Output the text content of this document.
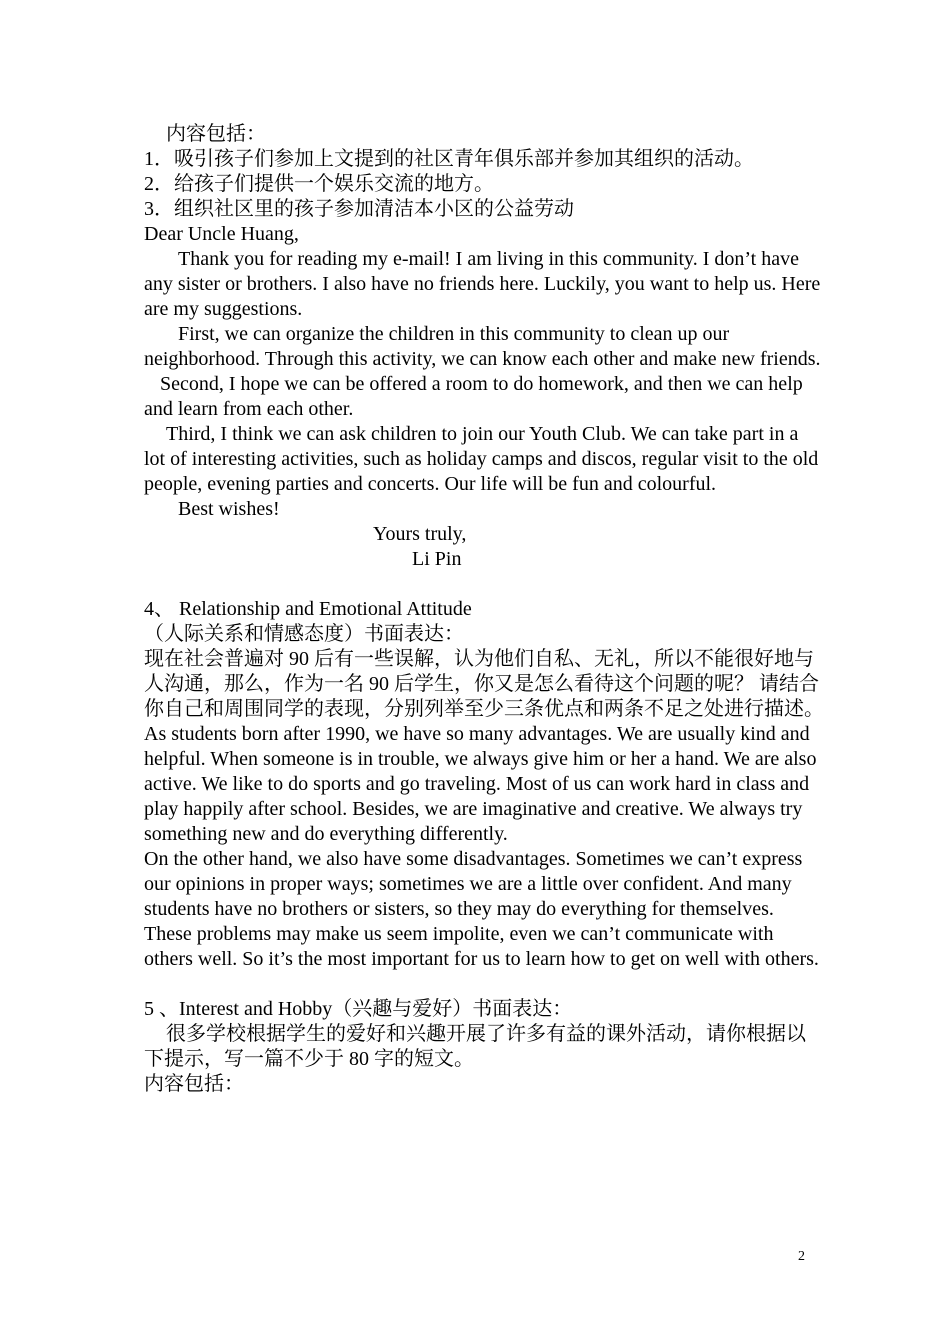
内容包括：
1．吸引孩子们参加上文提到的社区青年俱乐部并参加其组织的活动。
2．给孩子们提供一个娱乐交流的地方。
3．组织社区里的孩子参加清洁本小区的公益劳动
Dear Uncle Huang,
Thank you for reading my e-mail! I am living in this community. I don’t have any sister or brothers. I also have no friends here. Luckily, you want to help us. Here are my suggestions.
First, we can organize the children in this community to clean up our neighborhood. Through this activity, we can know each other and make new friends.
Second, I hope we can be offered a room to do homework, and then we can help and learn from each other.
Third, I think we can ask children to join our Youth Club. We can take part in a lot of interesting activities, such as holiday camps and discos, regular visit to the old people, evening parties and concerts. Our life will be fun and colourful.
Best wishes!
Yours truly,
Li Pin
4、 Relationship and Emotional Attitude
（人际关系和情感态度）书面表达：
现在社会普遍对 90 后有一些误解，认为他们自私、无礼，所以不能很好地与人沟通，那么，作为一名 90 后学生，你又是怎么看待这个问题的呢？ 请结合你自己和周围同学的表现，分别列举至少三条优点和两条不足之处进行描述。
As students born after 1990, we have so many advantages. We are usually kind and helpful. When someone is in trouble, we always give him or her a hand. We are also active. We like to do sports and go traveling. Most of us can work hard in class and play happily after school. Besides, we are imaginative and creative. We always try something new and do everything differently.
On the other hand, we also have some disadvantages. Sometimes we can’t express our opinions in proper ways; sometimes we are a little over confident. And many students have no brothers or sisters, so they may do everything for themselves. These problems may make us seem impolite, even we can’t communicate with others well. So it’s the most important for us to learn how to get on well with others.
5 、Interest and Hobby（兴趣与爱好）书面表达：
很多学校根据学生的爱好和兴趣开展了许多有益的课外活动，请你根据以下提示，写一篇不少于 80 字的短文。
内容包括：
2
